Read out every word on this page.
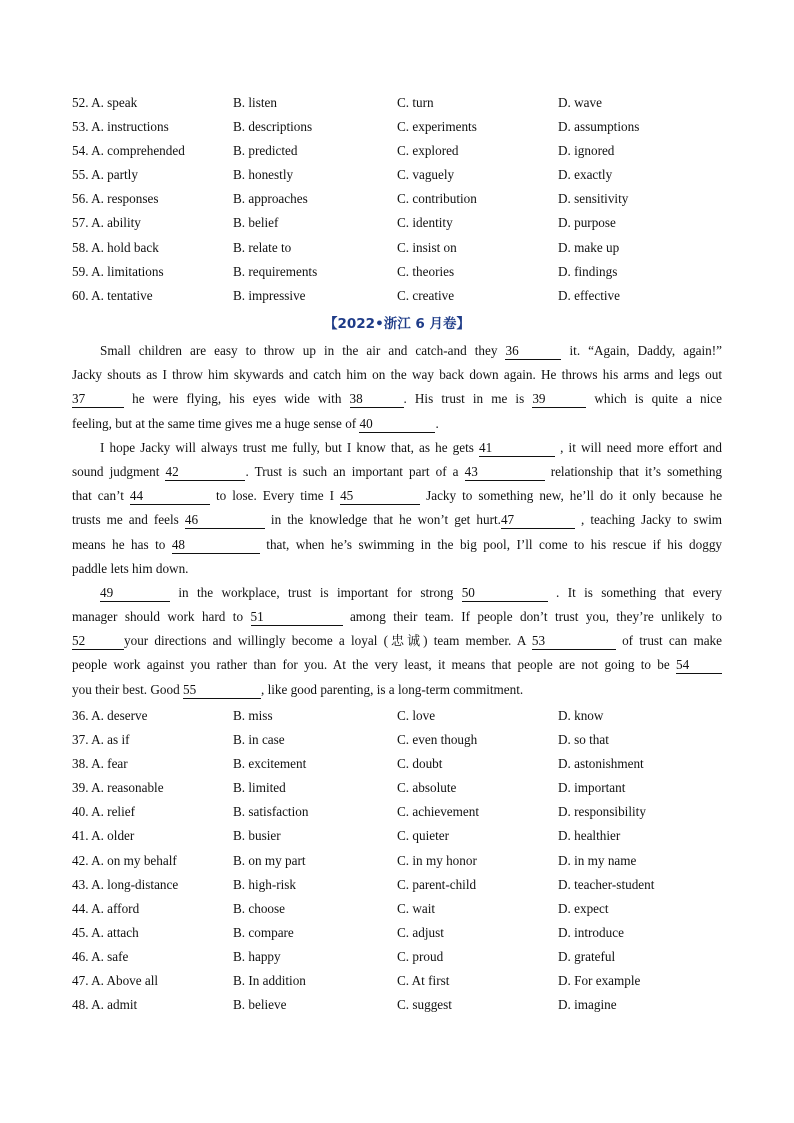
52. A. speak	B. listen	C. turn	D. wave
53. A. instructions	B. descriptions	C. experiments	D. assumptions
54. A. comprehended	B. predicted	C. explored	D. ignored
55. A. partly	B. honestly	C. vaguely	D. exactly
56. A. responses	B. approaches	C. contribution	D. sensitivity
57. A. ability	B. belief	C. identity	D. purpose
58. A. hold back	B. relate to	C. insist on	D. make up
59. A. limitations	B. requirements	C. theories	D. findings
60. A. tentative	B. impressive	C. creative	D. effective
【2022•浙江 6 月卷】
Small children are easy to throw up in the air and catch-and they 36	it. “Again, Daddy, again!”
Jacky shouts as I throw him skywards and catch him on the way back down again. He throws his arms and legs out
37	he were flying, his eyes wide with 38	. His trust in me is 39	which is quite a nice
feeling, but at the same time gives me a huge sense of 40	.
I hope Jacky will always trust me fully, but I know that, as he gets 41	, it will need more effort and
sound judgment 42	. Trust is such an important part of a 43	relationship that it’s something
that can’t 44	to lose. Every time I 45	Jacky to something new, he’ll do it only because he
trusts me and feels 46	in the knowledge that he won’t get hurt.47	, teaching Jacky to swim
means he has to 48	that, when he’s swimming in the big pool, I’ll come to his rescue if his doggy
paddle lets him down.
49	in the workplace, trust is important for strong 50	. It is something that every
manager should work hard to 51	among their team. If people don’t trust you, they’re unlikely to
52	your directions and willingly become a loyal (忠诚) team member. A 53	of trust can make
people work against you rather than for you. At the very least, it means that people are not going to be 54
you their best. Good 55	, like good parenting, is a long-term commitment.
36. A. deserve	B. miss	C. love	D. know
37. A. as if	B. in case	C. even though	D. so that
38. A. fear	B. excitement	C. doubt	D. astonishment
39. A. reasonable	B. limited	C. absolute	D. important
40. A. relief	B. satisfaction	C. achievement	D. responsibility
41. A. older	B. busier	C. quieter	D. healthier
42. A. on my behalf	B. on my part	C. in my honor	D. in my name
43. A. long-distance	B. high-risk	C. parent-child	D. teacher-student
44. A. afford	B. choose	C. wait	D. expect
45. A. attach	B. compare	C. adjust	D. introduce
46. A. safe	B. happy	C. proud	D. grateful
47. A. Above all	B. In addition	C. At first	D. For example
48. A. admit	B. believe	C. suggest	D. imagine
